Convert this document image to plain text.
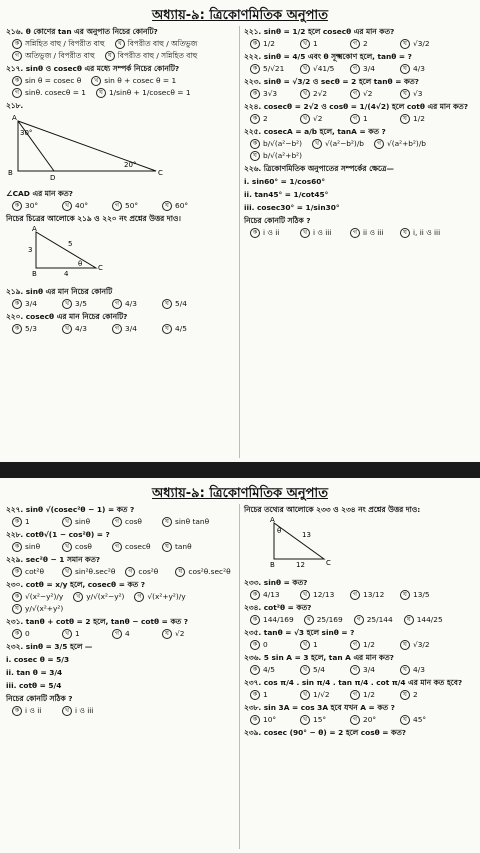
অধ্যায়-৯: ত্রিকোণমিতিক অনুপাত
২১৬. θ কোণের tan এর অনুপাত নিচের কোনটি?
ক সন্নিহিত বাহু / বিপরীত বাহু	খ বিপরীত বাহু / অতিভুজ
গ অতিভুজ / বিপরীত বাহু	ঘ বিপরীত বাহু / সন্নিহিত বাহু
২১৭. sinθ ও cosecθ এর মধ্যে সম্পর্ক নিচের কোনটি?
ক sin θ = cosec θ	খ sin θ + cosec θ = 1
গ sinθ. cosecθ = 1	ঘ 1/sinθ + 1/cosecθ = 1
২১৮.
A
B
D
C
30°
20°
∠CAD এর মান কত?
ক 30°	খ 40°	গ 50°	ঘ 60°
নিচের চিত্রের আলোকে ২১৯ ও ২২০ নং প্রশ্নের উত্তর দাও।
A
B
C
3
5
4
θ
২১৯. sinθ এর মান নিচের কোনটি
ক 3/4	খ 3/5	গ 4/3	ঘ 5/4
২২০. cosecθ এর মান নিচের কোনটি?
ক 5/3	খ 4/3	গ 3/4	ঘ 4/5
২২১. sinθ = 1/2 হলে cosecθ এর মান কত?
ক 1/2	খ 1	গ 2	ঘ √3/2
২২২. sinθ = 4/5 এবং θ সূক্ষ্মকোণ হলে, tanθ = ?
ক 5/√21	খ √41/5	গ 3/4	ঘ 4/3
২২৩. sinθ = √3/2 ও secθ = 2 হলে tanθ = কত?
ক 3√3	খ 2√2	গ √2	ঘ √3
২২৪. cosecθ = 2√2 ও cosθ = 1/(4√2) হলে cotθ এর মান কত?
ক 2	খ √2	গ 1	ঘ 1/2
২২৫. cosecA = a/b হলে, tanA = কত ?
ক b/√(a²−b²)	খ √(a²−b²)/b	গ √(a²+b²)/b
ঘ b/√(a²+b²)
২২৬. ত্রিকোণমিতিক অনুপাতের সম্পর্কের ক্ষেত্রে—
i. sin60° = 1/cos60°
ii. tan45° = 1/cot45°
iii. cosec30° = 1/sin30°
নিচের কোনটি সঠিক ?
ক i ও ii	খ i ও iii	গ ii ও iii	ঘ i, ii ও iii
অধ্যায়-৯: ত্রিকোণমিতিক অনুপাত
২২৭. sinθ √(cosec²θ − 1) = কত ?
ক 1	খ sinθ	গ cosθ	ঘ sinθ tanθ
২২৮. cotθ√(1 − cos²θ) = ?
ক sinθ	খ cosθ	গ cosecθ	ঘ tanθ
২২৯. sec²θ − 1 সমান কত?
ক cot²θ	খ sin²θ.sec²θ	গ cos²θ	ঘ cos²θ.sec²θ
২৩০. cotθ = x/y হলে, cosecθ = কত ?
ক √(x²−y²)/y	খ y/√(x²−y²)	গ √(x²+y²)/y
ঘ y/√(x²+y²)
২৩১. tanθ + cotθ = 2 হলে, tanθ − cotθ = কত ?
ক 0	খ 1	গ 4	ঘ √2
২৩২. sinθ = 3/5 হলে —
i. cosec θ = 5/3
ii. tan θ = 3/4
iii. cotθ = 5/4
নিচের কোনটি সঠিক ?
ক i ও ii	খ i ও iii
নিচের তথ্যের আলোকে ২৩৩ ও ২৩৪ নং প্রশ্নের উত্তর দাও:
A
B	C
13
12
θ
২৩৩. sinθ = কত?
ক 4/13	খ 12/13	গ 13/12	ঘ 13/5
২৩৪. cot²θ = কত?
ক 144/169	খ 25/169	গ 25/144	ঘ 144/25
২৩৫. tanθ = √3 হলে sinθ = ?
ক 0	খ 1	গ 1/2	ঘ √3/2
২৩৬. 5 sin A = 3 হলে, tan A এর মান কত?
ক 4/5	খ 5/4	গ 3/4	ঘ 4/3
২৩৭. cos π/4 . sin π/4 . tan π/4 . cot π/4 এর মান কত হবে?
ক 1	খ 1/√2	গ 1/2	ঘ 2
২৩৮. sin 3A = cos 3A হবে যখন A = কত ?
ক 10°	খ 15°	গ 20°	ঘ 45°
২৩৯. cosec (90° − θ) = 2 হলে cosθ = কত?
